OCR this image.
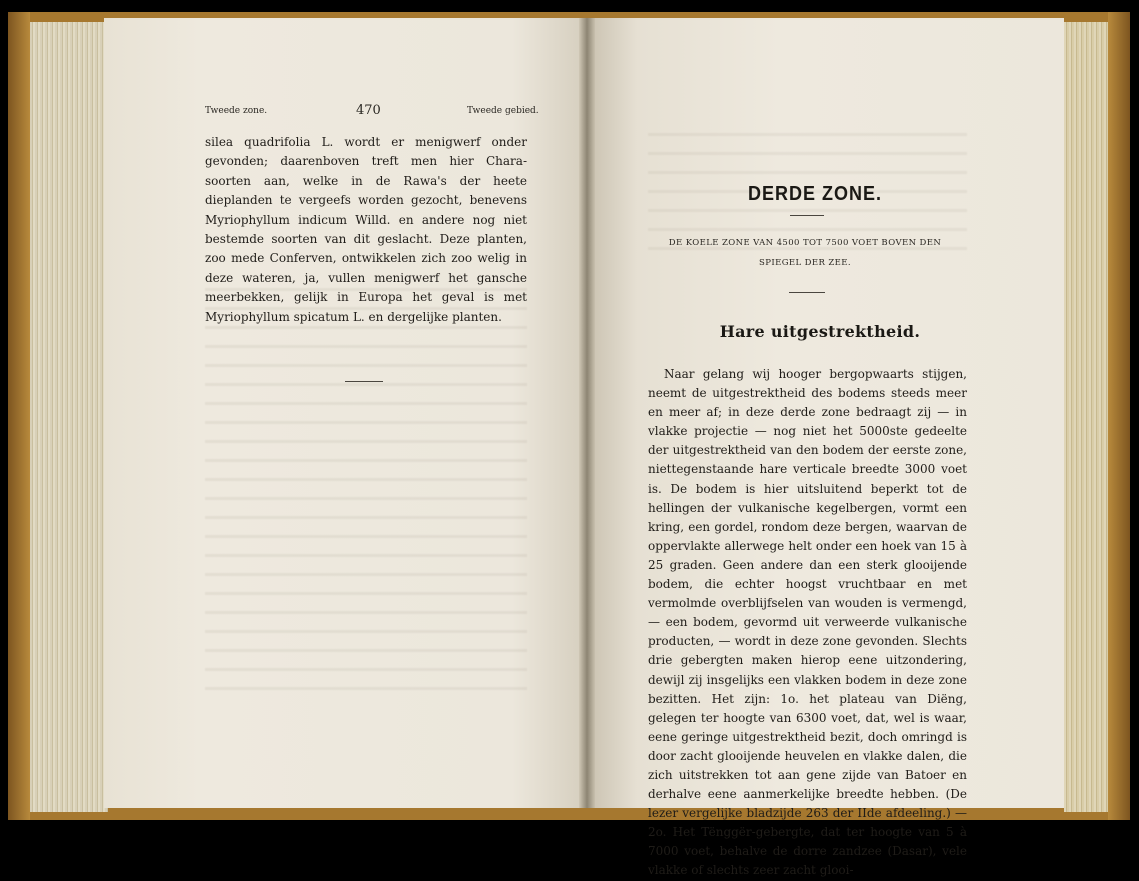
Tweede zone.	470	Tweede gebied.

silea quadrifolia L. wordt er menigwerf onder gevonden; daarenboven treft men hier Chara-soorten aan, welke in de Rawa's der heete dieplanden te vergeefs worden gezocht, benevens Myriophyllum indicum Willd. en andere nog niet bestemde soorten van dit geslacht. Deze planten, zoo mede Conferven, ontwikkelen zich zoo welig in deze wateren, ja, vullen menigwerf het gansche meerbekken, gelijk in Europa het geval is met Myriophyllum spicatum L. en dergelijke planten.

DERDE ZONE.
DE KOELE ZONE VAN 4500 TOT 7500 VOET BOVEN DEN
SPIEGEL DER ZEE.
Hare uitgestrektheid.

Naar gelang wij hooger bergopwaarts stijgen, neemt de uitgestrektheid des bodems steeds meer en meer af; in deze derde zone bedraagt zij — in vlakke projectie — nog niet het 5000ste gedeelte der uitgestrektheid van den bodem der eerste zone, niettegenstaande hare verticale breedte 3000 voet is. De bodem is hier uitsluitend beperkt tot de hellingen der vulkanische kegelbergen, vormt een kring, een gordel, rondom deze bergen, waarvan de oppervlakte allerwege helt onder een hoek van 15 à 25 graden. Geen andere dan een sterk glooijende bodem, die echter hoogst vruchtbaar en met vermolmde overblijfselen van wouden is vermengd, — een bodem, gevormd uit verweerde vulkanische producten, — wordt in deze zone gevonden. Slechts drie gebergten maken hierop eene uitzondering, dewijl zij insgelijks een vlakken bodem in deze zone bezitten. Het zijn: 1o. het plateau van Diëng, gelegen ter hoogte van 6300 voet, dat, wel is waar, eene geringe uitgestrektheid bezit, doch omringd is door zacht glooijende heuvelen en vlakke dalen, die zich uitstrekken tot aan gene zijde van Batoer en derhalve eene aanmerkelijke breedte hebben. (De lezer vergelijke bladzijde 263 der IIde afdeeling.) — 2o. Het Tënggër-gebergte, dat ter hoogte van 5 à 7000 voet, behalve de dorre zandzee (Dasar), vele vlakke of slechts zeer zacht glooi-
